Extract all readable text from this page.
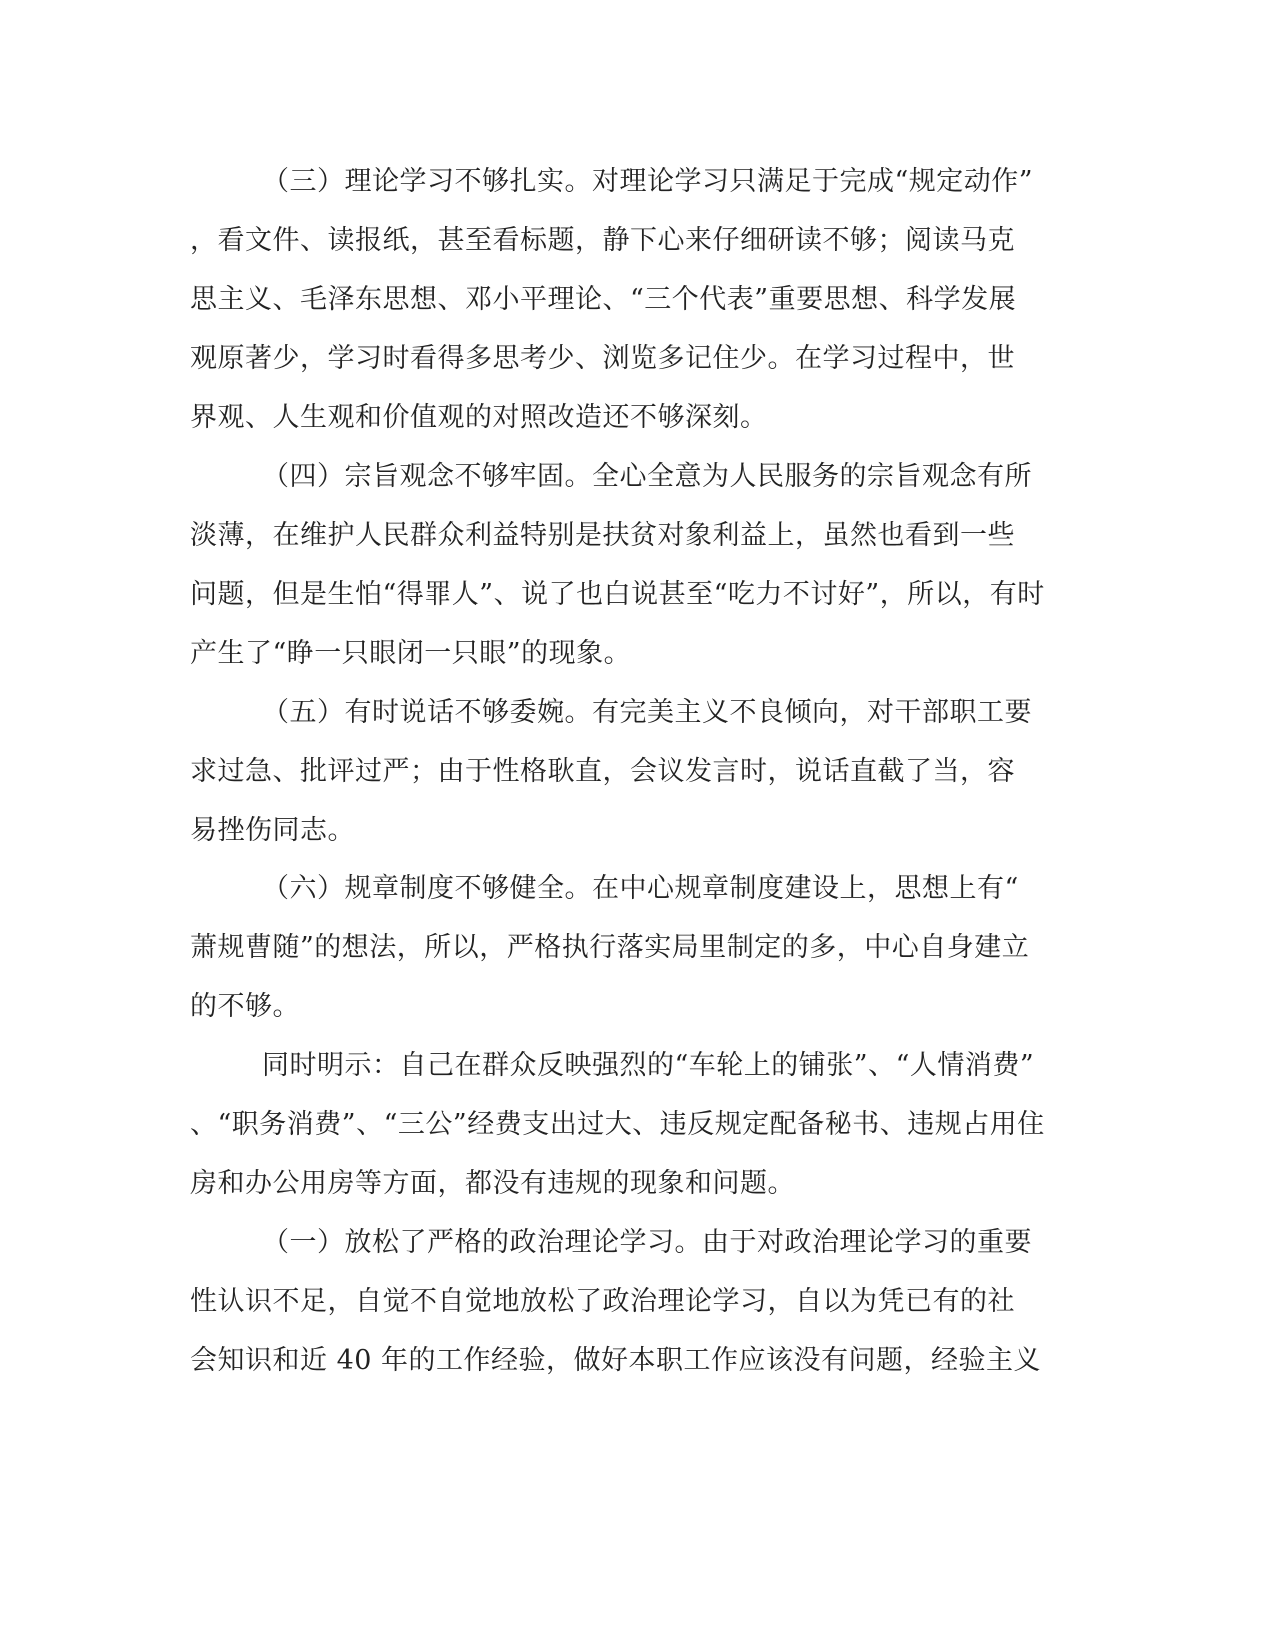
（三）理论学习不够扎实。对理论学习只满足于完成“规定动作”
，看文件、读报纸，甚至看标题，静下心来仔细研读不够；阅读马克
思主义、毛泽东思想、邓小平理论、“三个代表”重要思想、科学发展
观原著少，学习时看得多思考少、浏览多记住少。在学习过程中，世
界观、人生观和价值观的对照改造还不够深刻。
（四）宗旨观念不够牢固。全心全意为人民服务的宗旨观念有所
淡薄，在维护人民群众利益特别是扶贫对象利益上，虽然也看到一些
问题，但是生怕“得罪人”、说了也白说甚至“吃力不讨好”，所以，有时
产生了“睁一只眼闭一只眼”的现象。
（五）有时说话不够委婉。有完美主义不良倾向，对干部职工要
求过急、批评过严；由于性格耿直，会议发言时，说话直截了当，容
易挫伤同志。
（六）规章制度不够健全。在中心规章制度建设上，思想上有“
萧规曹随”的想法，所以，严格执行落实局里制定的多，中心自身建立
的不够。
同时明示：自己在群众反映强烈的“车轮上的铺张”、“人情消费”
、“职务消费”、“三公”经费支出过大、违反规定配备秘书、违规占用住
房和办公用房等方面，都没有违规的现象和问题。
（一）放松了严格的政治理论学习。由于对政治理论学习的重要
性认识不足，自觉不自觉地放松了政治理论学习，自以为凭已有的社
会知识和近 40 年的工作经验，做好本职工作应该没有问题，经验主义
